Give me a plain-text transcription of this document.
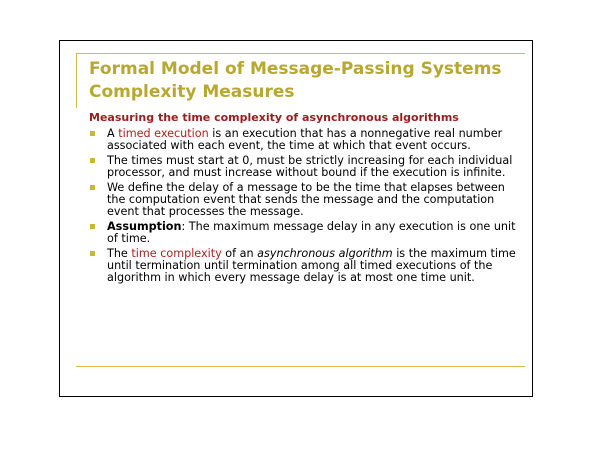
Formal Model of Message-Passing Systems
Complexity Measures

Measuring the time complexity of asynchronous algorithms

A timed execution is an execution that has a nonnegative real number associated with each event, the time at which that event occurs.
The times must start at 0, must be strictly increasing for each individual processor, and must increase without bound if the execution is infinite.
We define the delay of a message to be the time that elapses between the computation event that sends the message and the computation event that processes the message.
Assumption: The maximum message delay in any execution is one unit of time.
The time complexity of an asynchronous algorithm is the maximum time until termination until termination among all timed executions of the algorithm in which every message delay is at most one time unit.
